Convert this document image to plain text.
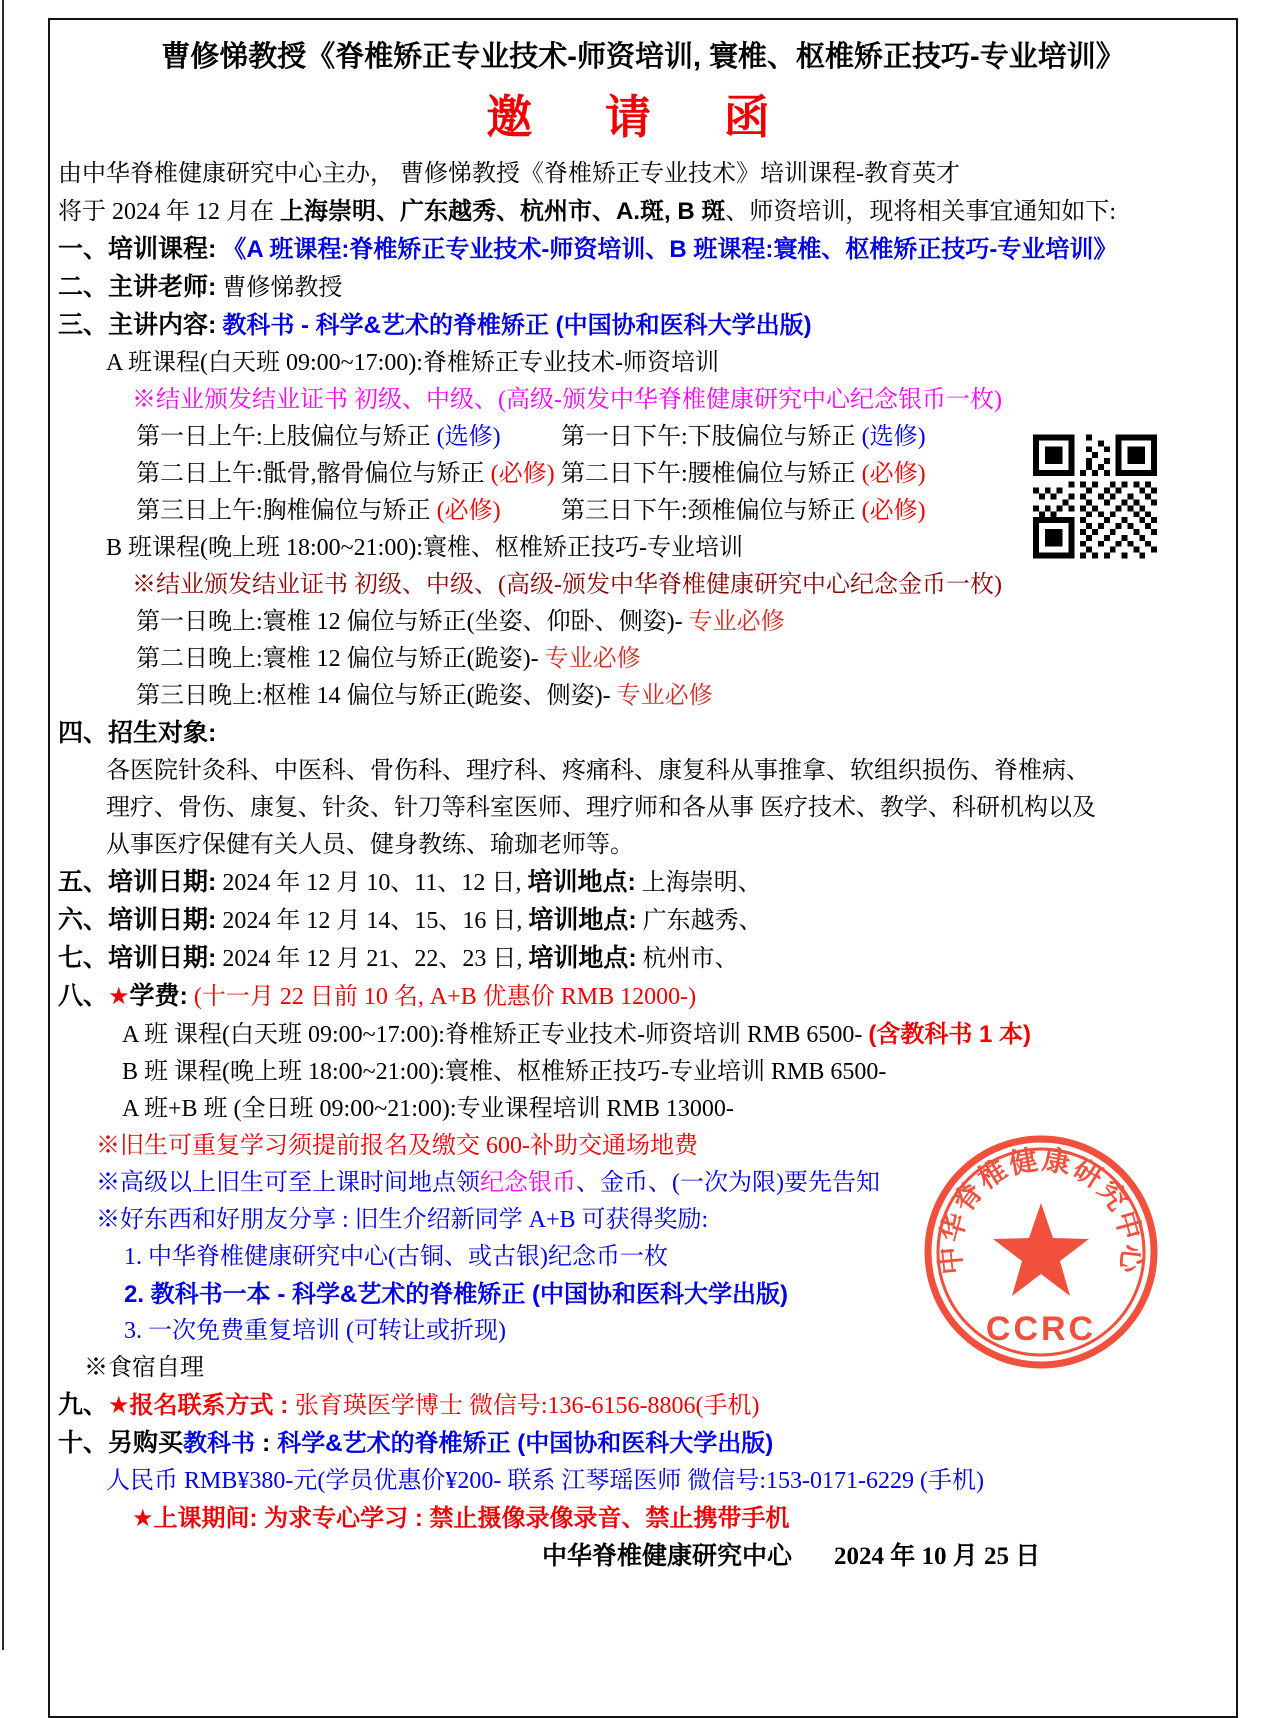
曹修悌教授《脊椎矫正专业技术-师资培训, 寰椎、枢椎矫正技巧-专业培训》
邀 请 函
由中华脊椎健康研究中心主办， 曹修悌教授《脊椎矫正专业技术》培训课程-教育英才
将于 2024 年 12 月在 上海崇明、广东越秀、杭州市、A.斑, B 斑、师资培训，现将相关事宜通知如下:
一、培训课程: 《A 班课程:脊椎矫正专业技术-师资培训、B 班课程:寰椎、枢椎矫正技巧-专业培训》
二、主讲老师: 曹修悌教授
三、主讲内容: 教科书 - 科学&艺术的脊椎矫正 (中国协和医科大学出版)
A 班课程(白天班 09:00~17:00):脊椎矫正专业技术-师资培训
※结业颁发结业证书 初级、中级、(高级-颁发中华脊椎健康研究中心纪念银币一枚)
第一日上午:上肢偏位与矫正 (选修)	第一日下午:下肢偏位与矫正 (选修)
第二日上午:骶骨,髂骨偏位与矫正 (必修) 第二日下午:腰椎偏位与矫正 (必修)
第三日上午:胸椎偏位与矫正 (必修)	第三日下午:颈椎偏位与矫正 (必修)
B 班课程(晚上班 18:00~21:00):寰椎、枢椎矫正技巧-专业培训
※结业颁发结业证书 初级、中级、(高级-颁发中华脊椎健康研究中心纪念金币一枚)
第一日晚上:寰椎 12 偏位与矫正(坐姿、仰卧、侧姿)- 专业必修
第二日晚上:寰椎 12 偏位与矫正(跪姿)- 专业必修
第三日晚上:枢椎 14 偏位与矫正(跪姿、侧姿)- 专业必修
四、招生对象:
各医院针灸科、中医科、骨伤科、理疗科、疼痛科、康复科从事推拿、软组织损伤、脊椎病、
理疗、骨伤、康复、针灸、针刀等科室医师、理疗师和各从事 医疗技术、教学、科研机构以及
从事医疗保健有关人员、健身教练、瑜珈老师等。
五、培训日期: 2024 年 12 月 10、11、12 日, 培训地点: 上海崇明、
六、培训日期: 2024 年 12 月 14、15、16 日, 培训地点: 广东越秀、
七、培训日期: 2024 年 12 月 21、22、23 日, 培训地点: 杭州市、
八、★学费: (十一月 22 日前 10 名, A+B 优惠价 RMB 12000-)
A 班 课程(白天班 09:00~17:00):脊椎矫正专业技术-师资培训 RMB 6500- (含教科书 1 本)
B 班 课程(晚上班 18:00~21:00):寰椎、枢椎矫正技巧-专业培训 RMB 6500-
A 班+B 班 (全日班 09:00~21:00):专业课程培训 RMB 13000-
※旧生可重复学习须提前报名及缴交 600-补助交通场地费
※高级以上旧生可至上课时间地点领纪念银币、金币、(一次为限)要先告知
※好东西和好朋友分享 : 旧生介绍新同学 A+B 可获得奖励:
1. 中华脊椎健康研究中心(古铜、或古银)纪念币一枚
2. 教科书一本 - 科学&艺术的脊椎矫正 (中国协和医科大学出版)
3. 一次免费重复培训 (可转让或折现)
※食宿自理
九、★报名联系方式 : 张育瑛医学博士 微信号:136-6156-8806(手机)
十、另购买教科书 : 科学&艺术的脊椎矫正 (中国协和医科大学出版)
人民币 RMB¥380-元(学员优惠价¥200- 联系 江琴瑶医师 微信号:153-0171-6229 (手机)
★上课期间: 为求专心学习 : 禁止摄像录像录音、禁止携带手机
中华脊椎健康研究中心 2024 年 10 月 25 日
中华脊椎健康研究中心
CCRC
